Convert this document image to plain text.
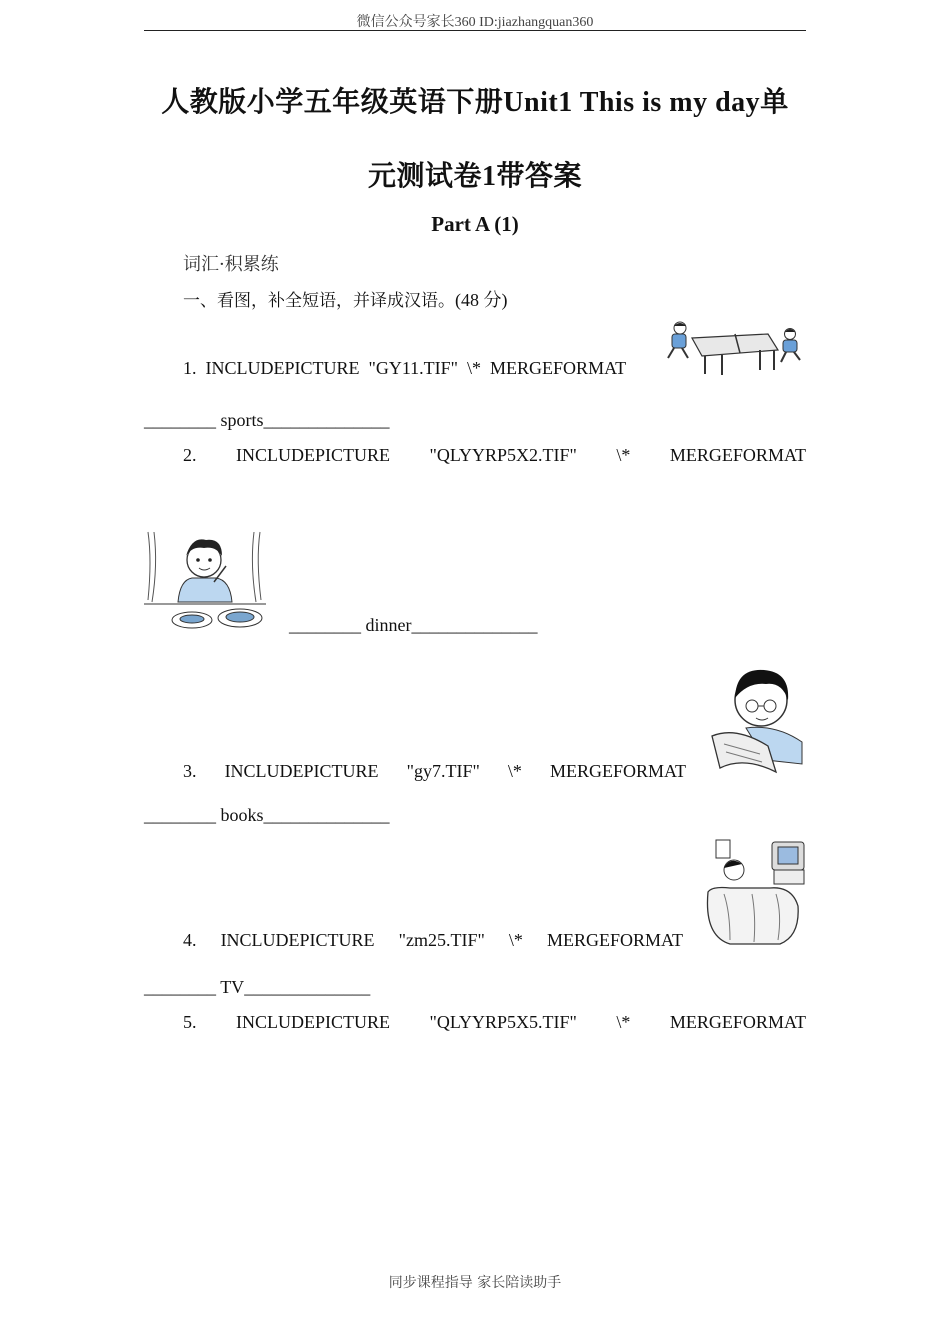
微信公众号家长360 ID:jiazhangquan360
人教版小学五年级英语下册Unit1 This is my day单
元测试卷1带答案
Part A (1)
词汇·积累练
一、看图，补全短语，并译成汉语。(48 分)
1. INCLUDEPICTURE "GY11.TIF" \* MERGEFORMAT
________ sports______________
2. INCLUDEPICTURE "QLYYRP5X2.TIF" \* MERGEFORMAT
________ dinner______________
3. INCLUDEPICTURE "gy7.TIF" \* MERGEFORMAT
________ books______________
4. INCLUDEPICTURE "zm25.TIF" \* MERGEFORMAT
________ TV______________
5. INCLUDEPICTURE "QLYYRP5X5.TIF" \* MERGEFORMAT
同步课程指导 家长陪读助手
